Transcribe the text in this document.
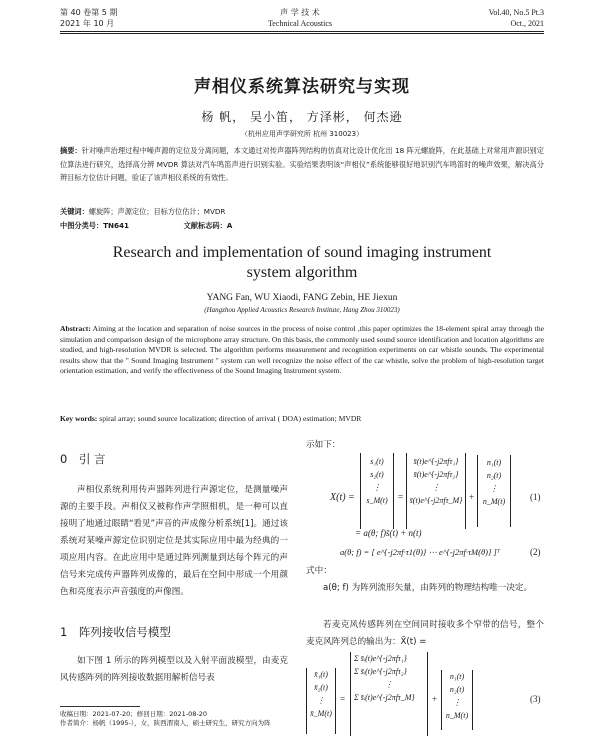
第 40 卷第 5 期
2021 年 10 月
声 学 技 术
Technical Acoustics
Vol.40, No.5 Pt.3
Oct., 2021
声相仪系统算法研究与实现
杨 帆， 吴小笛， 方泽彬， 何杰逊
（杭州应用声学研究所 杭州 310023）
摘要：针对噪声治理过程中噪声源的定位及分离问题，本文通过对传声器阵列结构的仿真对比设计优化出 18 阵元螺旋阵，在此基础上对常用声源识别定位算法进行研究，选择高分辨 MVDR 算法对汽车鸣笛声进行识别实验。实验结果表明该“声相仪”系统能够很好地识别汽车鸣笛时的噪声效果，解决高分辨目标方位估计问题，验证了该声相仪系统的有效性。
关键词：螺旋阵；声源定位；目标方位估计；MVDR
中图分类号：TN641	文献标志码：A
Research and implementation of sound imaging instrument
system algorithm
YANG Fan, WU Xiaodi, FANG Zebin, HE Jiexun
(Hangzhou Applied Acoustics Research Institute, Hang Zhou 310023)
Abstract: Aiming at the location and separation of noise sources in the process of noise control ,this paper optimizes the 18-element spiral array through the simulation and comparison design of the microphone array structure. On this basis, the commonly used sound source identification and location algorithms are studied, and high-resolution MVDR is selected. The algorithm performs measurement and recognition experiments on car whistle sounds. The experimental results show that the " Sound Imaging Instrument " system can well recognize the noise effect of the car whistle, solve the problem of high-resolution target orientation estimation, and verify the effectiveness of the Sound Imaging Instrument system.
Key words: spiral array; sound source localization; direction of arrival ( DOA) estimation; MVDR
0　引 言
声相仪系统利用传声器阵列进行声源定位，是测量噪声源的主要手段。声相仪又被称作声学照相机，是一种可以直接明了地通过眼睛“看见”声音的声成像分析系统[1]。通过该系统对某噪声源定位识别定位是其实际应用中最为经典的一项应用内容。在此应用中是通过阵列测量到达每个阵元的声信号来完成传声器阵列成像的，最后在空间中形成一个用颜色和亮度表示声音强度的声像图。
1　阵列接收信号模型
如下图 1 所示的阵列模型以及入射平面波模型，由麦克风传感阵列的阵列接收数据用解析信号表
收稿日期：2021-07-20；修回日期：2021-08-20
作者简介：杨帆（1995-），女，陕西渭南人，硕士研究生，研究方向为阵
示如下：
X(t) =
s₁(t)
s₂(t)
⋮
s_M(t)	=
s̄(t)e^{-j2πfτ₁}
s̄(t)e^{-j2πfτ₂}
⋮
s̄(t)e^{-j2πfτ_M} +
n₁(t)
n₂(t)
⋮
n_M(t)	(1)
= a(θ; f)s̄(t) + n(t)
a(θ; f) = [ e^{-j2πf·τ1(θ)} ⋯ e^{-j2πf·τM(θ)} ]ᵀ	(2)
式中：
a(θ; f) 为阵列流形矢量，由阵列的物理结构唯一决定。
若麦克风传感阵列在空间同时接收多个窄带的信号，整个麦克风阵列总的输出为：X̄(t) =
x̄₁(t)
x̄₂(t)
⋮
x̄_M(t)
=
Σ s̄ᵢ(t)e^{-j2πfτ₁}
Σ s̄ᵢ(t)e^{-j2πfτ₂}
⋮
Σ s̄ᵢ(t)e^{-j2πfτ_M}	+
n₁(t)
n₂(t)
⋮
n_M(t)
(3)
